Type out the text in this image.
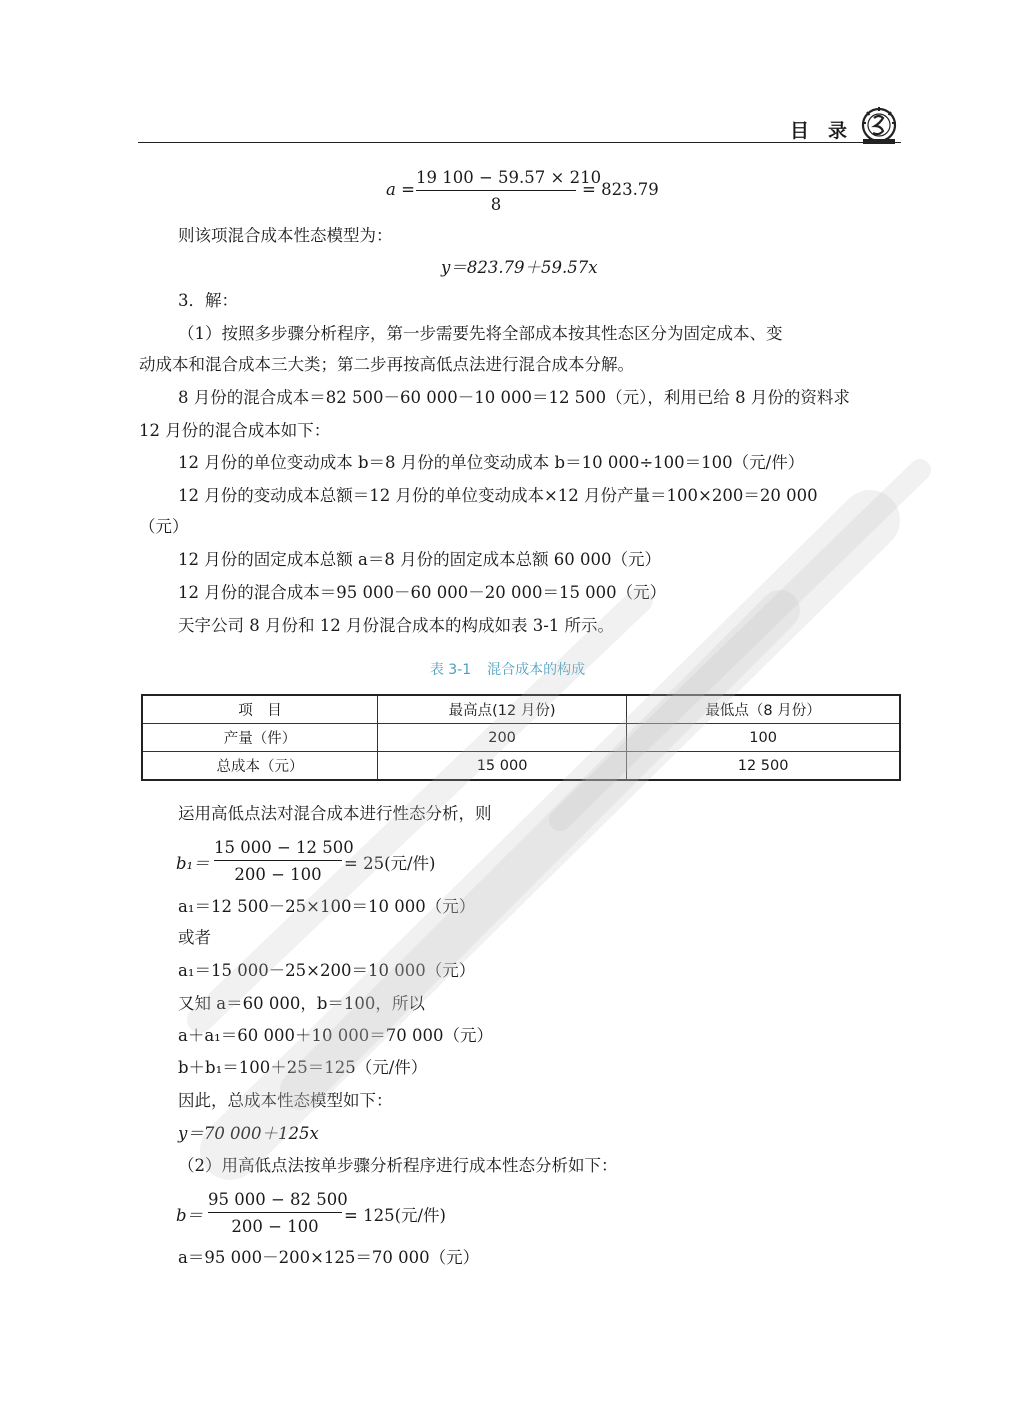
目 录
a =
19 100 − 59.57 × 210
8
= 823.79
则该项混合成本性态模型为：
y＝823.79＋59.57x
3．解：
（1）按照多步骤分析程序，第一步需要先将全部成本按其性态区分为固定成本、变
动成本和混合成本三大类；第二步再按高低点法进行混合成本分解。
8 月份的混合成本＝82 500－60 000－10 000＝12 500（元），利用已给 8 月份的资料求
12 月份的混合成本如下：
12 月份的单位变动成本 b＝8 月份的单位变动成本 b＝10 000÷100＝100（元/件）
12 月份的变动成本总额＝12 月份的单位变动成本×12 月份产量＝100×200＝20 000
（元）
12 月份的固定成本总额 a＝8 月份的固定成本总额 60 000（元）
12 月份的混合成本＝95 000－60 000－20 000＝15 000（元）
天宇公司 8 月份和 12 月份混合成本的构成如表 3-1 所示。
表 3-1 混合成本的构成
项　目	最高点(12 月份)	最低点（8 月份）
产量（件）	200	100
总成本（元）	15 000	12 500
运用高低点法对混合成本进行性态分析，则
b₁＝
15 000 − 12 500
200 − 100
= 25(元/件)
a₁＝12 500－25×100＝10 000（元）
或者
a₁＝15 000－25×200＝10 000（元）
又知 a＝60 000，b＝100，所以
a＋a₁＝60 000＋10 000＝70 000（元）
b＋b₁＝100＋25＝125（元/件）
因此，总成本性态模型如下：
y＝70 000＋125x
（2）用高低点法按单步骤分析程序进行成本性态分析如下：
b＝
95 000 − 82 500
200 − 100
= 125(元/件)
a＝95 000－200×125＝70 000（元）
